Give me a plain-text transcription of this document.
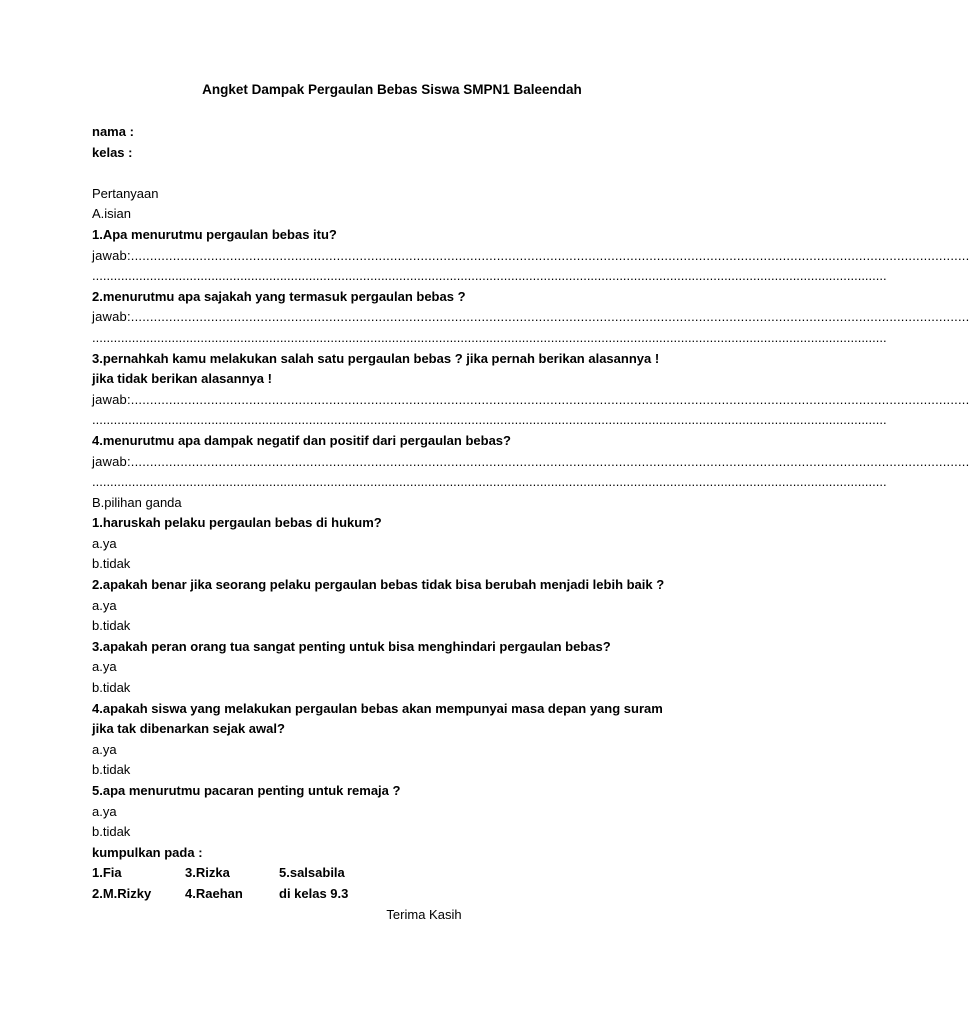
Angket Dampak Pergaulan Bebas Siswa SMPN1 Baleendah
nama :
kelas :
Pertanyaan
A.isian
1.Apa menurutmu pergaulan bebas itu?
jawab:............................................................................................................................................................................................................................
............................................................................................................................................................................................................................
2.menurutmu apa sajakah yang termasuk pergaulan bebas ?
jawab:............................................................................................................................................................................................................................
............................................................................................................................................................................................................................
3.pernahkah kamu melakukan salah satu pergaulan bebas ? jika pernah berikan alasannya !
jika tidak berikan alasannya !
jawab:............................................................................................................................................................................................................................
............................................................................................................................................................................................................................
4.menurutmu apa dampak negatif dan positif dari pergaulan bebas?
jawab:............................................................................................................................................................................................................................
............................................................................................................................................................................................................................
B.pilihan ganda
1.haruskah pelaku pergaulan bebas di hukum?
a.ya
b.tidak
2.apakah benar jika seorang pelaku pergaulan bebas tidak bisa berubah menjadi lebih baik ?
a.ya
b.tidak
3.apakah peran orang tua sangat penting untuk bisa menghindari pergaulan bebas?
a.ya
b.tidak
4.apakah siswa yang melakukan pergaulan bebas akan mempunyai masa depan yang suram
jika tak dibenarkan sejak awal?
a.ya
b.tidak
5.apa menurutmu pacaran penting untuk remaja ?
a.ya
b.tidak
kumpulkan pada :
1.Fia	3.Rizka	5.salsabila
2.M.Rizky	4.Raehan	di kelas 9.3
Terima Kasih
